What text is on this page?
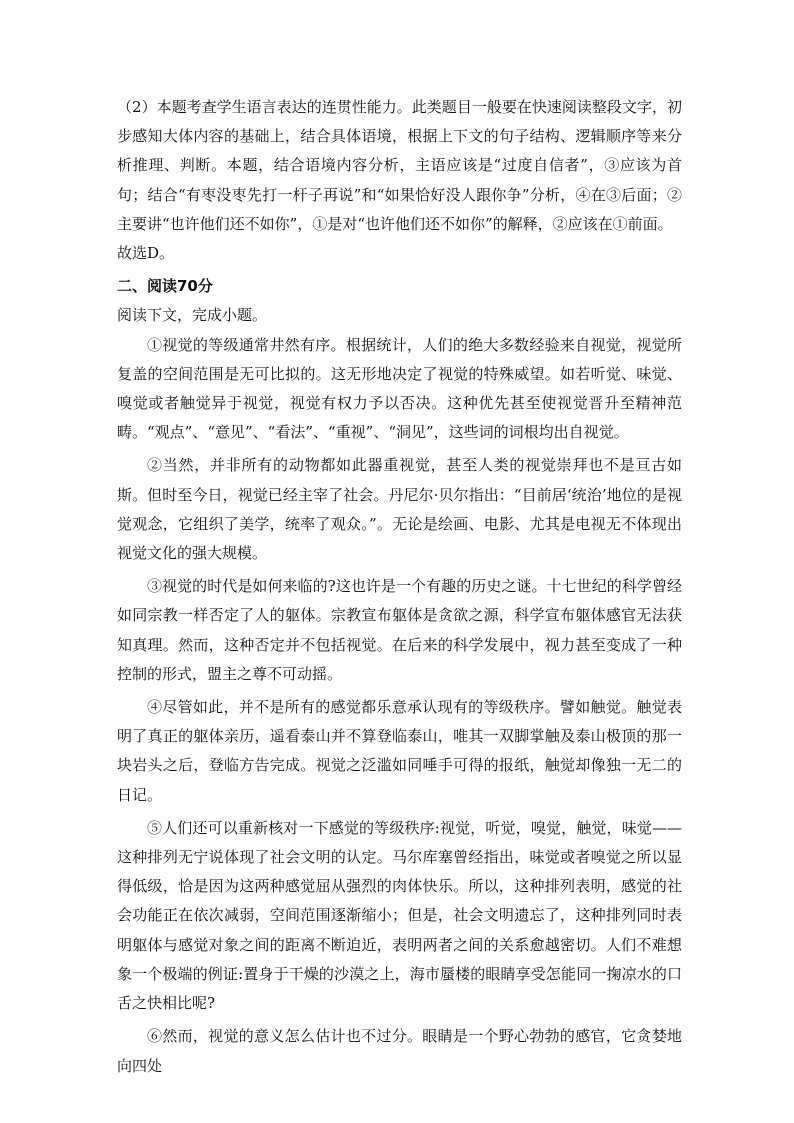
（2）本题考查学生语言表达的连贯性能力。此类题目一般要在快速阅读整段文字，初步感知大体内容的基础上，结合具体语境，根据上下文的句子结构、逻辑顺序等来分析推理、判断。本题，结合语境内容分析，主语应该是“过度自信者”，③应该为首句；结合“有枣没枣先打一杆子再说”和“如果恰好没人跟你争”分析，④在③后面；②主要讲“也许他们还不如你”，①是对“也许他们还不如你”的解释，②应该在①前面。

故选D。

二、阅读70分

阅读下文，完成小题。

①视觉的等级通常井然有序。根据统计，人们的绝大多数经验来自视觉，视觉所复盖的空间范围是无可比拟的。这无形地决定了视觉的特殊威望。如若听觉、味觉、嗅觉或者触觉异于视觉，视觉有权力予以否决。这种优先甚至使视觉晋升至精神范畴。“观点”、“意见”、“看法”、“重视”、“洞见”，这些词的词根均出自视觉。

②当然，并非所有的动物都如此器重视觉，甚至人类的视觉崇拜也不是亘古如斯。但时至今日，视觉已经主宰了社会。丹尼尔·贝尔指出：“目前居‘统治’地位的是视觉观念，它组织了美学，统率了观众。”。无论是绘画、电影、尤其是电视无不体现出视觉文化的强大规模。

③视觉的时代是如何来临的?这也许是一个有趣的历史之谜。十七世纪的科学曾经如同宗教一样否定了人的躯体。宗教宣布躯体是贪欲之源，科学宣布躯体感官无法获知真理。然而，这种否定并不包括视觉。在后来的科学发展中，视力甚至变成了一种控制的形式，盟主之尊不可动摇。

④尽管如此，并不是所有的感觉都乐意承认现有的等级秩序。譬如触觉。触觉表明了真正的躯体亲历，遥看泰山并不算登临泰山，唯其一双脚掌触及泰山极顶的那一块岩头之后，登临方告完成。视觉之泛滥如同唾手可得的报纸，触觉却像独一无二的日记。

⑤人们还可以重新核对一下感觉的等级秩序:视觉，听觉，嗅觉，触觉，味觉——这种排列无宁说体现了社会文明的认定。马尔库塞曾经指出，味觉或者嗅觉之所以显得低级，恰是因为这两种感觉屈从强烈的肉体快乐。所以，这种排列表明，感觉的社会功能正在依次减弱，空间范围逐渐缩小；但是，社会文明遗忘了，这种排列同时表明躯体与感觉对象之间的距离不断迫近，表明两者之间的关系愈越密切。人们不难想象一个极端的例证:置身于干燥的沙漠之上，海市蜃楼的眼睛享受怎能同一掬凉水的口舌之快相比呢?

⑥然而，视觉的意义怎么估计也不过分。眼睛是一个野心勃勃的感官，它贪婪地向四处
